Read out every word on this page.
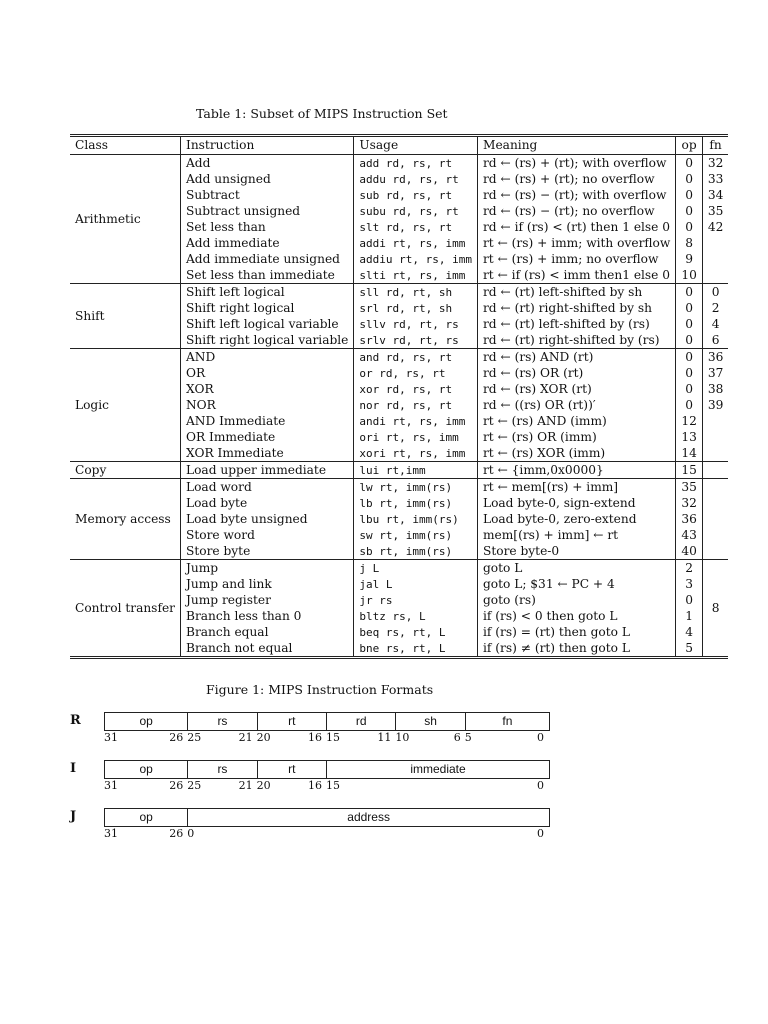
Table 1: Subset of MIPS Instruction Set
Class	Instruction	Usage	Meaning	op	fn
Arithmetic	Add	add rd, rs, rt	rd ← (rs) + (rt); with overflow	0	32
	Add unsigned	addu rd, rs, rt	rd ← (rs) + (rt); no overflow	0	33
	Subtract	sub rd, rs, rt	rd ← (rs) − (rt); with overflow	0	34
	Subtract unsigned	subu rd, rs, rt	rd ← (rs) − (rt); no overflow	0	35
	Set less than	slt rd, rs, rt	rd ← if (rs) < (rt) then 1 else 0	0	42
	Add immediate	addi rt, rs, imm	rt ← (rs) + imm; with overflow	8	
	Add immediate unsigned	addiu rt, rs, imm	rt ← (rs) + imm; no overflow	9	
	Set less than immediate	slti rt, rs, imm	rt ← if (rs) < imm then1 else 0	10	
Shift	Shift left logical	sll rd, rt, sh	rd ← (rt) left-shifted by sh	0	0
	Shift right logical	srl rd, rt, sh	rd ← (rt) right-shifted by sh	0	2
	Shift left logical variable	sllv rd, rt, rs	rd ← (rt) left-shifted by (rs)	0	4
	Shift right logical variable	srlv rd, rt, rs	rd ← (rt) right-shifted by (rs)	0	6
Logic	AND	and rd, rs, rt	rd ← (rs) AND (rt)	0	36
	OR	or rd, rs, rt	rd ← (rs) OR (rt)	0	37
	XOR	xor rd, rs, rt	rd ← (rs) XOR (rt)	0	38
	NOR	nor rd, rs, rt	rd ← ((rs) OR (rt))′	0	39
	AND Immediate	andi rt, rs, imm	rt ← (rs) AND (imm)	12	
	OR Immediate	ori rt, rs, imm	rt ← (rs) OR (imm)	13	
	XOR Immediate	xori rt, rs, imm	rt ← (rs) XOR (imm)	14	
Copy	Load upper immediate	lui rt,imm	rt ← {imm,0x0000}	15	
Memory access	Load word	lw rt, imm(rs)	rt ← mem[(rs) + imm]	35	
	Load byte	lb rt, imm(rs)	Load byte-0, sign-extend	32	
	Load byte unsigned	lbu rt, imm(rs)	Load byte-0, zero-extend	36	
	Store word	sw rt, imm(rs)	mem[(rs) + imm] ← rt	43	
	Store byte	sb rt, imm(rs)	Store byte-0	40	
Control transfer	Jump	j L	goto L	2	8
	Jump and link	jal L	goto L; $31 ← PC + 4	3	
	Jump register	jr rs	goto (rs)	0	
	Branch less than 0	bltz rs, L	if (rs) < 0 then goto L	1	
	Branch equal	beq rs, rt, L	if (rs) = (rt) then goto L	4	
	Branch not equal	bne rs, rt, L	if (rs) ≠ (rt) then goto L	5	
Figure 1: MIPS Instruction Formats
R	op	rs	rt	rd	sh	fn
31	26 25	21 20	16 15	11 10	6 5	0
I	op	rs	rt	immediate
31	26 25	21 20	16 15	0
J	op	address
31	26 0	0
